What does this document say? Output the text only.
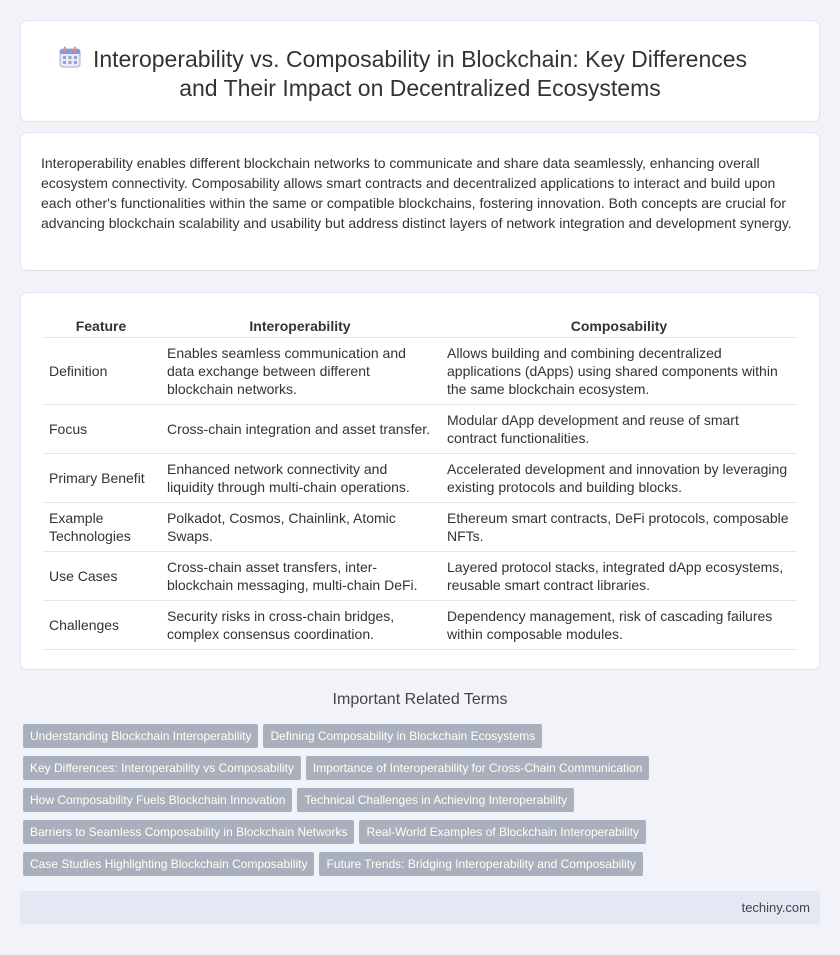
Interoperability vs. Composability in Blockchain: Key Differences
and Their Impact on Decentralized Ecosystems

Interoperability enables different blockchain networks to communicate and share data seamlessly, enhancing overall ecosystem connectivity. Composability allows smart contracts and decentralized applications to interact and build upon each other's functionalities within the same or compatible blockchains, fostering innovation. Both concepts are crucial for advancing blockchain scalability and usability but address distinct layers of network integration and development synergy.

Feature	Interoperability	Composability
Definition	Enables seamless communication and data exchange between different blockchain networks.	Allows building and combining decentralized applications (dApps) using shared components within the same blockchain ecosystem.
Focus	Cross-chain integration and asset transfer.	Modular dApp development and reuse of smart contract functionalities.
Primary Benefit	Enhanced network connectivity and liquidity through multi-chain operations.	Accelerated development and innovation by leveraging existing protocols and building blocks.
Example Technologies	Polkadot, Cosmos, Chainlink, Atomic Swaps.	Ethereum smart contracts, DeFi protocols, composable NFTs.
Use Cases	Cross-chain asset transfers, inter-blockchain messaging, multi-chain DeFi.	Layered protocol stacks, integrated dApp ecosystems, reusable smart contract libraries.
Challenges	Security risks in cross-chain bridges, complex consensus coordination.	Dependency management, risk of cascading failures within composable modules.
Important Related Terms
Understanding Blockchain Interoperability Defining Composability in Blockchain Ecosystems
Key Differences: Interoperability vs Composability Importance of Interoperability for Cross-Chain Communication
How Composability Fuels Blockchain Innovation Technical Challenges in Achieving Interoperability
Barriers to Seamless Composability in Blockchain Networks Real-World Examples of Blockchain Interoperability
Case Studies Highlighting Blockchain Composability Future Trends: Bridging Interoperability and Composability
techiny.com
